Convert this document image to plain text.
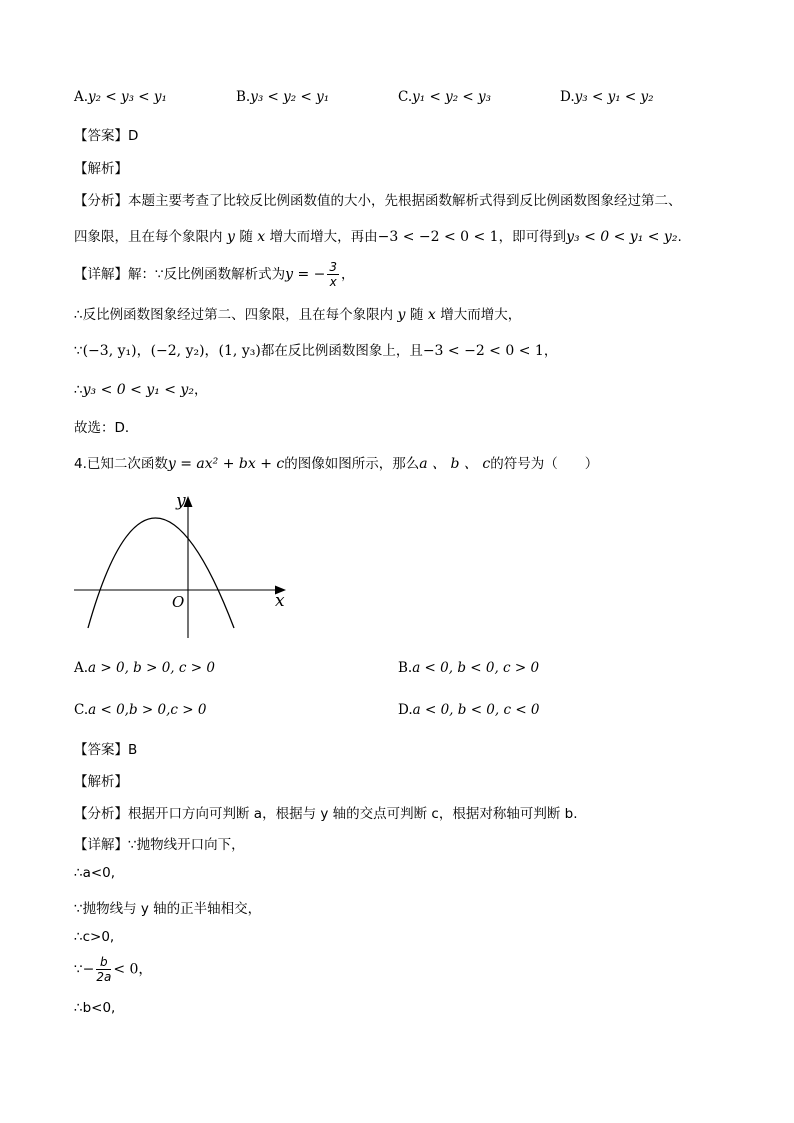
A.y₂ < y₃ < y₁	B.y₃ < y₂ < y₁	C.y₁ < y₂ < y₃	D.y₃ < y₁ < y₂
【答案】D
【解析】
【分析】本题主要考查了比较反比例函数值的大小，先根据函数解析式得到反比例函数图象经过第二、
四象限，且在每个象限内 y 随 x 增大而增大，再由−3 < −2 < 0 < 1，即可得到y₃ < 0 < y₁ < y₂.
【详解】解：∵反比例函数解析式为y = − $\frac{3}{x}$ ，
∴反比例函数图象经过第二、四象限，且在每个象限内 y 随 x 增大而增大，
∵(−3, y₁)，(−2, y₂)，(1, y₃)都在反比例函数图象上，且−3 < −2 < 0 < 1，
∴y₃ < 0 < y₁ < y₂，
故选：D．
4.已知二次函数y = ax² + bx + c的图像如图所示，那么a 、 b 、 c的符号为（　　）
y
x
O
A.a > 0, b > 0, c > 0	B.a < 0, b < 0, c > 0
C.a < 0,b > 0,c > 0	D.a < 0, b < 0, c < 0
【答案】B
【解析】
【分析】根据开口方向可判断 a，根据与 y 轴的交点可判断 c，根据对称轴可判断 b.
【详解】∵抛物线开口向下，
∴a<0,
∵抛物线与 y 轴的正半轴相交，
∴c>0,
∵− $\frac{b}{2a} < 0$，
∴b<0,
